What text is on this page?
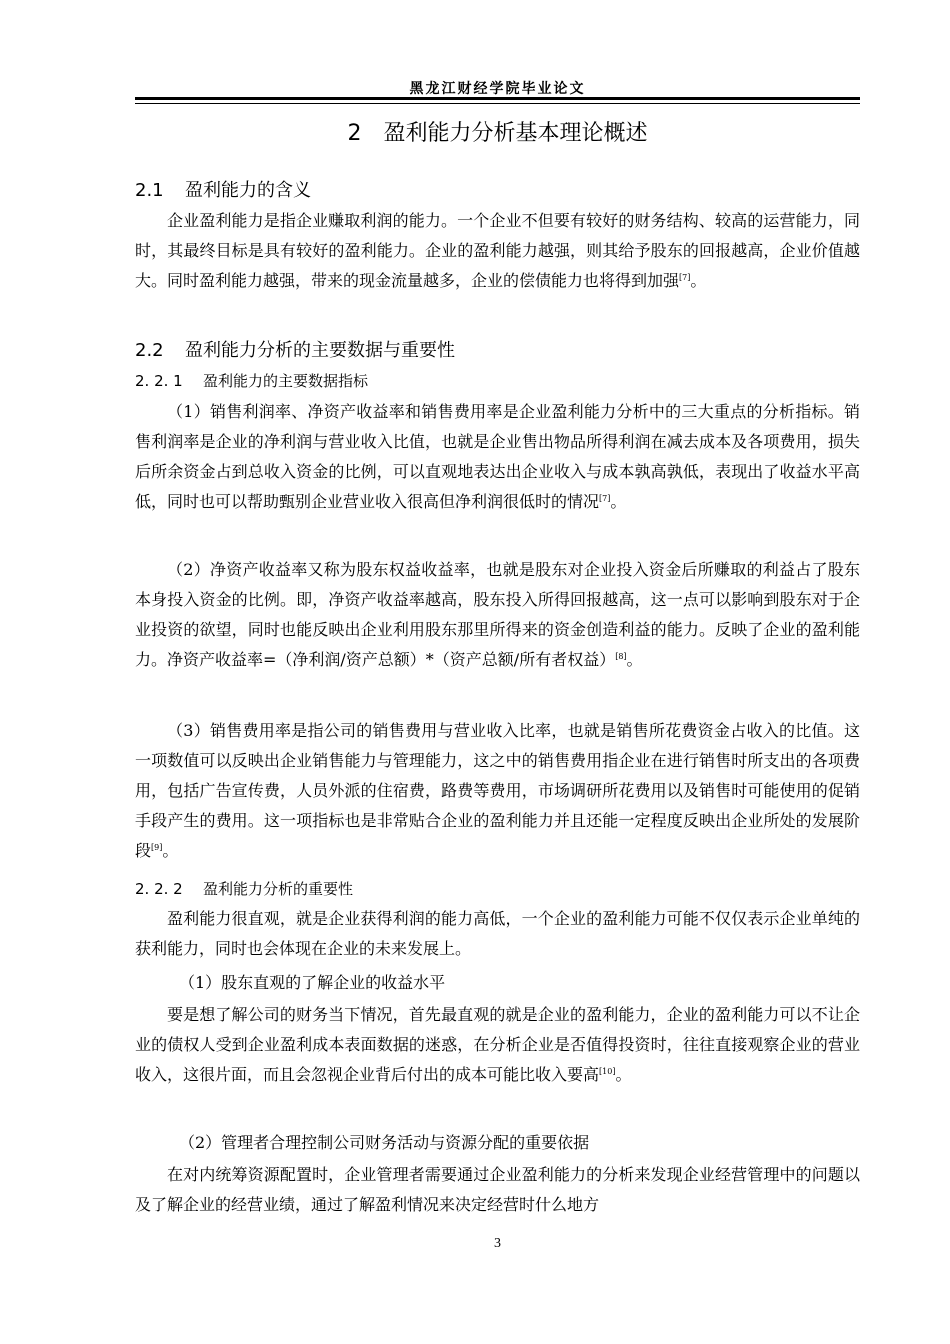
黑龙江财经学院毕业论文
2 盈利能力分析基本理论概述
2.1 盈利能力的含义
企业盈利能力是指企业赚取利润的能力。一个企业不但要有较好的财务结构、较高的运营能力，同时，其最终目标是具有较好的盈利能力。企业的盈利能力越强，则其给予股东的回报越高，企业价值越大。同时盈利能力越强，带来的现金流量越多，企业的偿债能力也将得到加强[7]。
2.2 盈利能力分析的主要数据与重要性
2. 2. 1 盈利能力的主要数据指标
（1）销售利润率、净资产收益率和销售费用率是企业盈利能力分析中的三大重点的分析指标。销售利润率是企业的净利润与营业收入比值，也就是企业售出物品所得利润在减去成本及各项费用，损失后所余资金占到总收入资金的比例，可以直观地表达出企业收入与成本孰高孰低，表现出了收益水平高低，同时也可以帮助甄别企业营业收入很高但净利润很低时的情况[7]。
（2）净资产收益率又称为股东权益收益率，也就是股东对企业投入资金后所赚取的利益占了股东本身投入资金的比例。即，净资产收益率越高，股东投入所得回报越高，这一点可以影响到股东对于企业投资的欲望，同时也能反映出企业利用股东那里所得来的资金创造利益的能力。反映了企业的盈利能力。净资产收益率=（净利润/资产总额）*（资产总额/所有者权益）[8]。
（3）销售费用率是指公司的销售费用与营业收入比率，也就是销售所花费资金占收入的比值。这一项数值可以反映出企业销售能力与管理能力，这之中的销售费用指企业在进行销售时所支出的各项费用，包括广告宣传费，人员外派的住宿费，路费等费用，市场调研所花费用以及销售时可能使用的促销手段产生的费用。这一项指标也是非常贴合企业的盈利能力并且还能一定程度反映出企业所处的发展阶段[9]。
2. 2. 2 盈利能力分析的重要性
盈利能力很直观，就是企业获得利润的能力高低，一个企业的盈利能力可能不仅仅表示企业单纯的获利能力，同时也会体现在企业的未来发展上。
（1）股东直观的了解企业的收益水平
要是想了解公司的财务当下情况，首先最直观的就是企业的盈利能力，企业的盈利能力可以不让企业的债权人受到企业盈利成本表面数据的迷惑，在分析企业是否值得投资时，往往直接观察企业的营业收入，这很片面，而且会忽视企业背后付出的成本可能比收入要高[10]。
（2）管理者合理控制公司财务活动与资源分配的重要依据
在对内统筹资源配置时，企业管理者需要通过企业盈利能力的分析来发现企业经营管理中的问题以及了解企业的经营业绩，通过了解盈利情况来决定经营时什么地方
3
